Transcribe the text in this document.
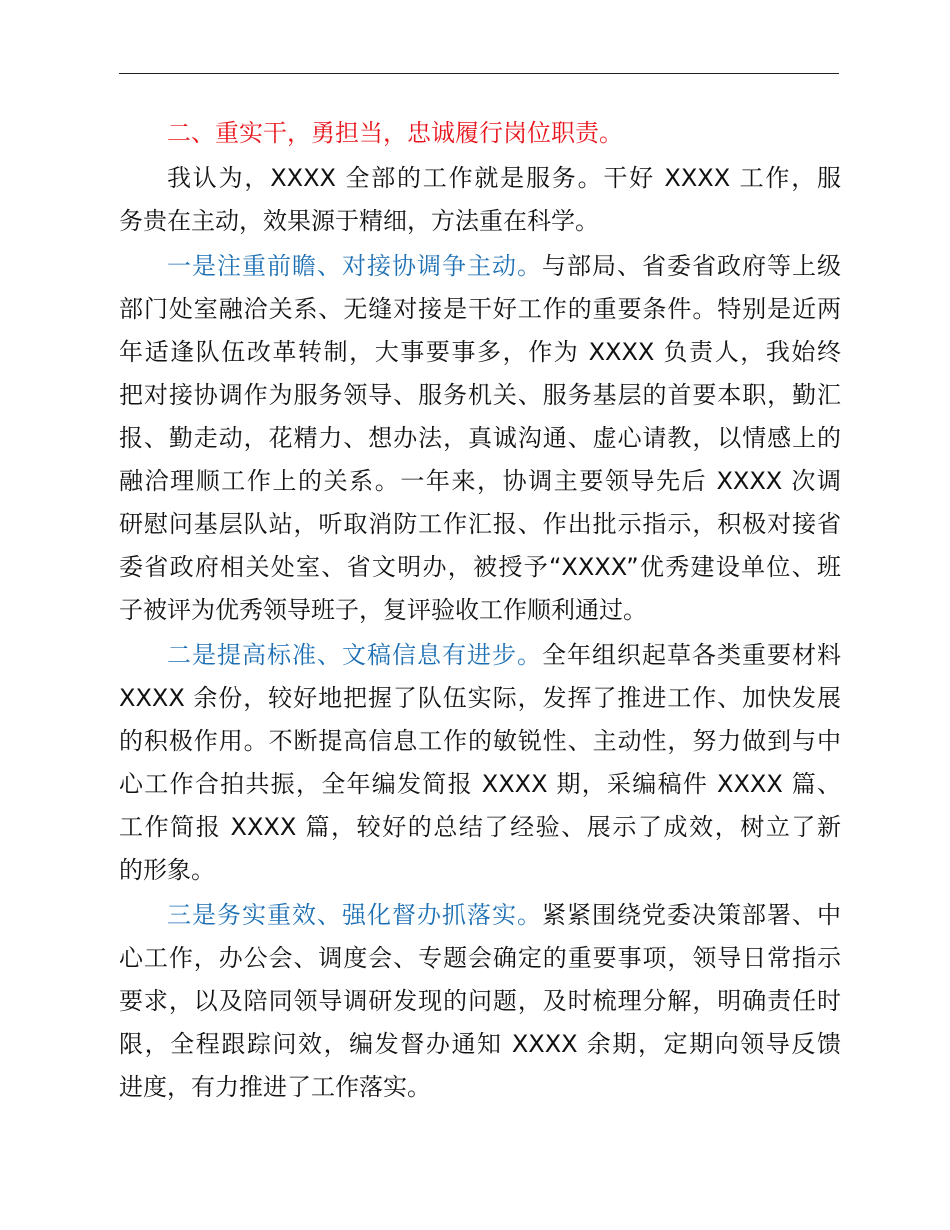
二、重实干，勇担当，忠诚履行岗位职责。
我认为，XXXX 全部的工作就是服务。干好 XXXX 工作，服
务贵在主动，效果源于精细，方法重在科学。
一是注重前瞻、对接协调争主动。与部局、省委省政府等上级
部门处室融洽关系、无缝对接是干好工作的重要条件。特别是近两
年适逢队伍改革转制，大事要事多，作为 XXXX 负责人，我始终
把对接协调作为服务领导、服务机关、服务基层的首要本职，勤汇
报、勤走动，花精力、想办法，真诚沟通、虚心请教，以情感上的
融洽理顺工作上的关系。一年来，协调主要领导先后 XXXX 次调
研慰问基层队站，听取消防工作汇报、作出批示指示，积极对接省
委省政府相关处室、省文明办，被授予“XXXX”优秀建设单位、班
子被评为优秀领导班子，复评验收工作顺利通过。
二是提高标准、文稿信息有进步。全年组织起草各类重要材料
XXXX 余份，较好地把握了队伍实际，发挥了推进工作、加快发展
的积极作用。不断提高信息工作的敏锐性、主动性，努力做到与中
心工作合拍共振，全年编发简报 XXXX 期，采编稿件 XXXX 篇、
工作简报 XXXX 篇，较好的总结了经验、展示了成效，树立了新
的形象。
三是务实重效、强化督办抓落实。紧紧围绕党委决策部署、中
心工作，办公会、调度会、专题会确定的重要事项，领导日常指示
要求，以及陪同领导调研发现的问题，及时梳理分解，明确责任时
限，全程跟踪问效，编发督办通知 XXXX 余期，定期向领导反馈
进度，有力推进了工作落实。
